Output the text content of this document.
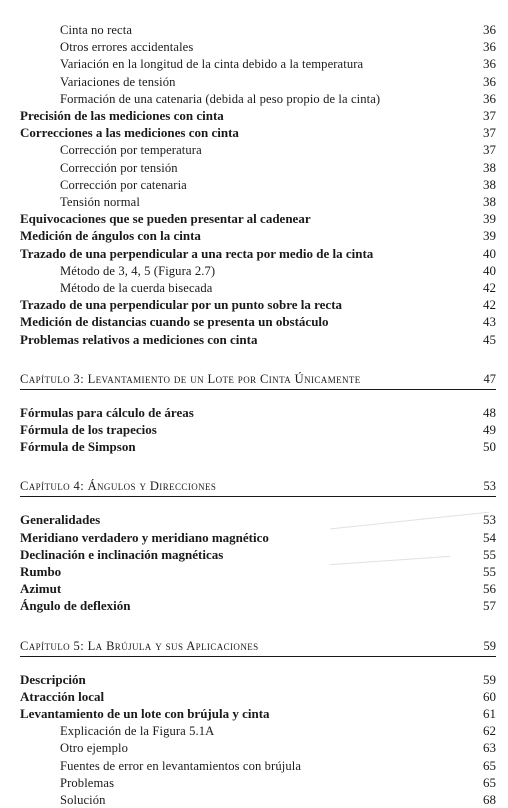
Cinta no recta	36
Otros errores accidentales	36
Variación en la longitud de la cinta debido a la temperatura	36
Variaciones de tensión	36
Formación de una catenaria (debida al peso propio de la cinta)	36
Precisión de las mediciones con cinta	37
Correcciones a las mediciones con cinta	37
Corrección por temperatura	37
Corrección por tensión	38
Corrección por catenaria	38
Tensión normal	38
Equivocaciones que se pueden presentar al cadenear	39
Medición de ángulos con la cinta	39
Trazado de una perpendicular a una recta por medio de la cinta	40
Método de 3, 4, 5 (Figura 2.7)	40
Método de la cuerda bisecada	42
Trazado de una perpendicular por un punto sobre la recta	42
Medición de distancias cuando se presenta un obstáculo	43
Problemas relativos a mediciones con cinta	45
Capítulo 3: Levantamiento de un Lote por Cinta Únicamente	47
Fórmulas para cálculo de áreas	48
Fórmula de los trapecios	49
Fórmula de Simpson	50
Capítulo 4: Ángulos y Direcciones	53
Generalidades	53
Meridiano verdadero y meridiano magnético	54
Declinación e inclinación magnéticas	55
Rumbo	55
Azimut	56
Ángulo de deflexión	57
Capítulo 5: La Brújula y sus Aplicaciones	59
Descripción	59
Atracción local	60
Levantamiento de un lote con brújula y cinta	61
Explicación de la Figura 5.1A	62
Otro ejemplo	63
Fuentes de error en levantamientos con brújula	65
Problemas	65
Solución	68
